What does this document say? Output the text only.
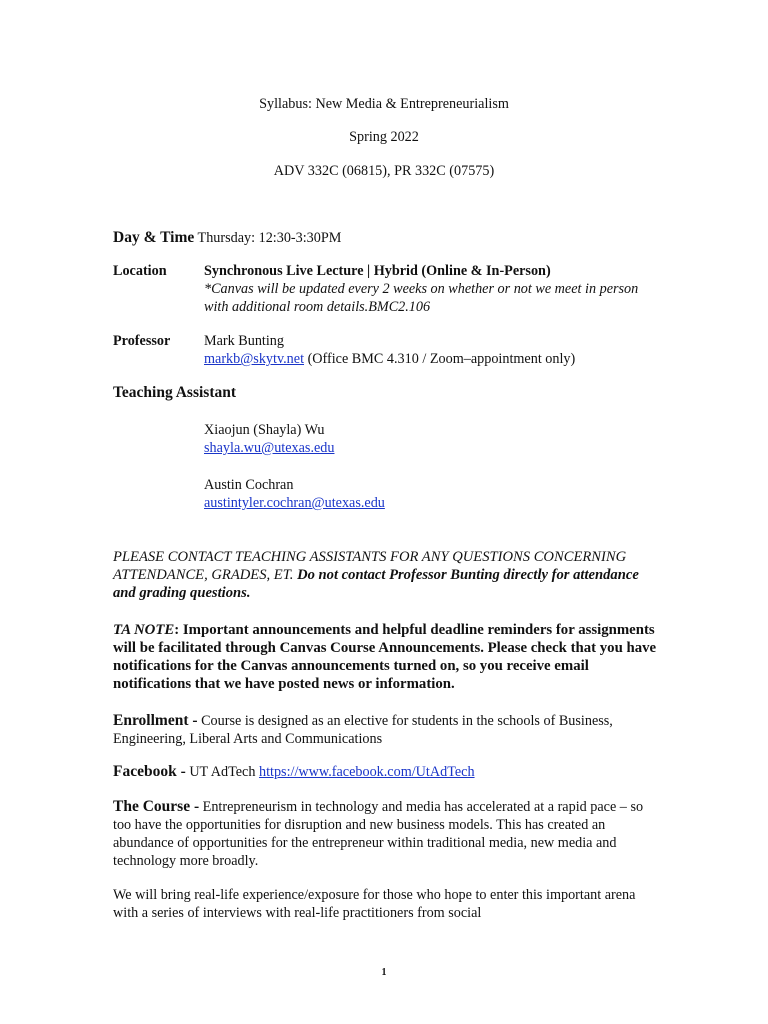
Syllabus: New Media & Entrepreneurialism
Spring 2022
ADV 332C (06815), PR 332C (07575)
Day & Time Thursday: 12:30-3:30PM
Location	Synchronous Live Lecture | Hybrid (Online & In-Person)
*Canvas will be updated every 2 weeks on whether or not we meet in person
with additional room details.BMC2.106
Professor Mark Bunting
markb@skytv.net (Office BMC 4.310 / Zoom–appointment only)
Teaching Assistant
Xiaojun (Shayla) Wu
shayla.wu@utexas.edu
Austin Cochran
austintyler.cochran@utexas.edu
PLEASE CONTACT TEACHING ASSISTANTS FOR ANY QUESTIONS CONCERNING ATTENDANCE, GRADES, ET. Do not contact Professor Bunting directly for attendance and grading questions.
TA NOTE: Important announcements and helpful deadline reminders for assignments will be facilitated through Canvas Course Announcements. Please check that you have notifications for the Canvas announcements turned on, so you receive email notifications that we have posted news or information.
Enrollment - Course is designed as an elective for students in the schools of Business, Engineering, Liberal Arts and Communications
Facebook - UT AdTech https://www.facebook.com/UtAdTech
The Course - Entrepreneurism in technology and media has accelerated at a rapid pace – so too have the opportunities for disruption and new business models. This has created an abundance of opportunities for the entrepreneur within traditional media, new media and technology more broadly.
We will bring real-life experience/exposure for those who hope to enter this important arena with a series of interviews with real-life practitioners from social
1
